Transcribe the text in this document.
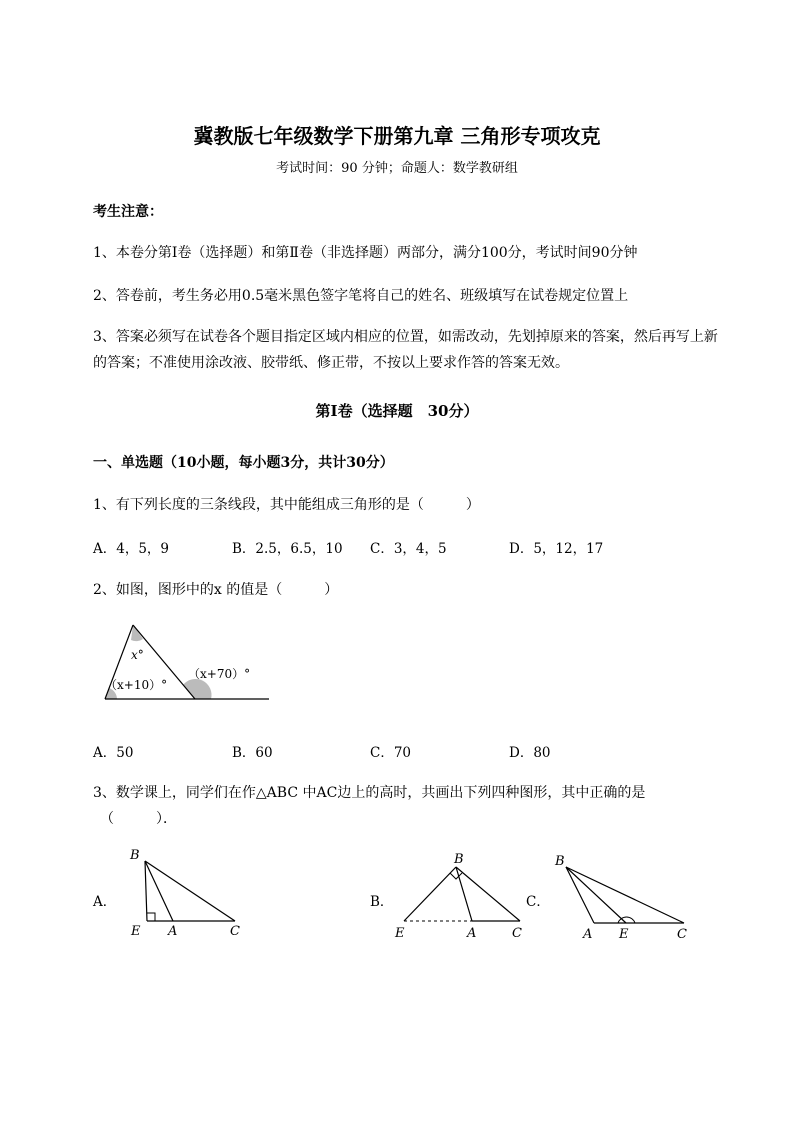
冀教版七年级数学下册第九章 三角形专项攻克
考试时间：90 分钟；命题人：数学教研组
考生注意：
1、本卷分第Ⅰ卷（选择题）和第Ⅱ卷（非选择题）两部分，满分100分，考试时间90分钟
2、答卷前，考生务必用0.5毫米黑色签字笔将自己的姓名、班级填写在试卷规定位置上
3、答案必须写在试卷各个题目指定区域内相应的位置，如需改动，先划掉原来的答案，然后再写上新
的答案；不准使用涂改液、胶带纸、修正带，不按以上要求作答的答案无效。
第Ⅰ卷（选择题　30分）
一、单选题（10小题，每小题3分，共计30分）
1、有下列长度的三条线段，其中能组成三角形的是（　　　）
A．4，5，9	B．2.5，6.5，10 C．3，4，5	D．5，12，17
2、如图，图形中的x 的值是（　　　）
x°
（x+10）°
（x+70）°
A．50	B．60	C．70	D．80
3、数学课上，同学们在作△ABC 中AC边上的高时，共画出下列四种图形，其中正确的是
（　　　）．
A．	B．	C．
B
E A	C
B
E	A	C
B
A E	C
